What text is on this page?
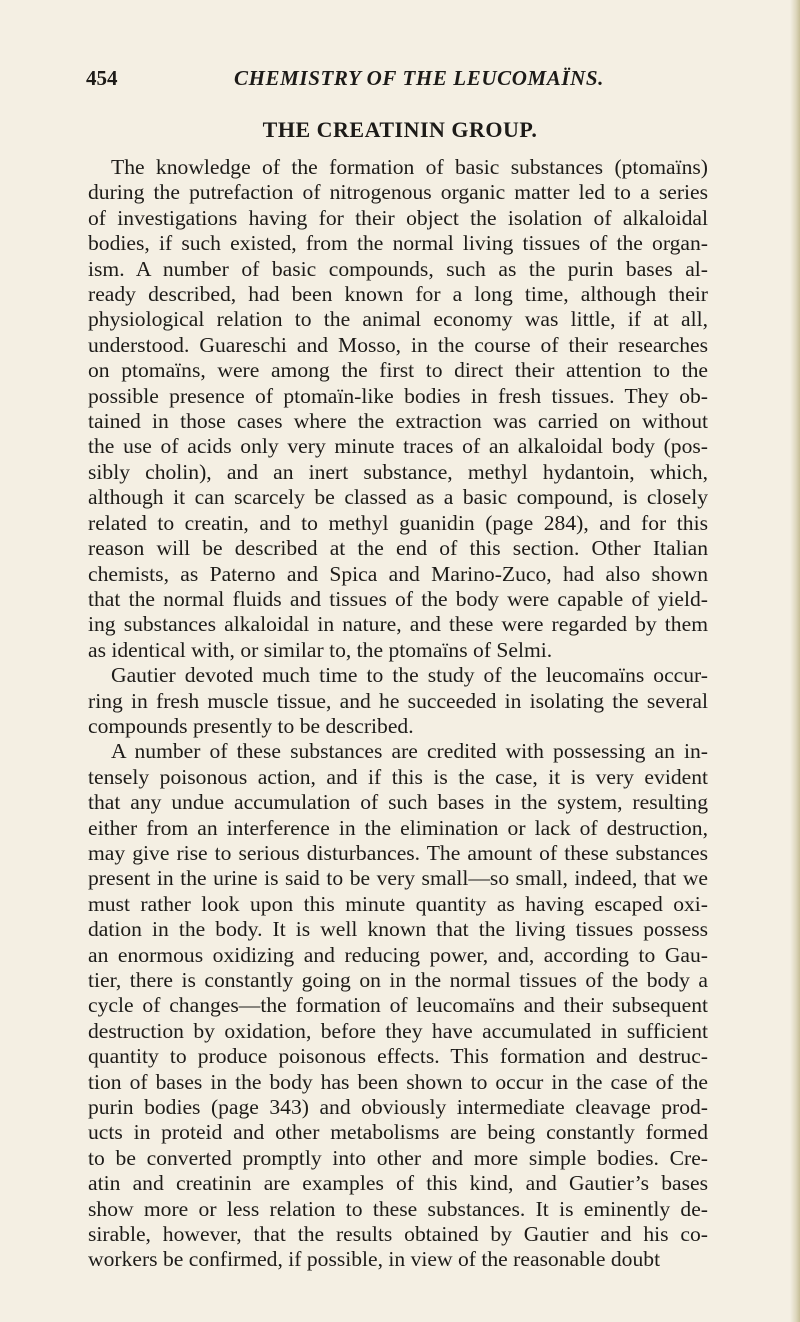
454	CHEMISTRY OF THE LEUCOMAÏNS.
THE CREATININ GROUP.
The knowledge of the formation of basic substances (ptomaïns)
during the putrefaction of nitrogenous organic matter led to a series
of investigations having for their object the isolation of alkaloidal
bodies, if such existed, from the normal living tissues of the organ-
ism. A number of basic compounds, such as the purin bases al-
ready described, had been known for a long time, although their
physiological relation to the animal economy was little, if at all,
understood. Guareschi and Mosso, in the course of their researches
on ptomaïns, were among the first to direct their attention to the
possible presence of ptomaïn-like bodies in fresh tissues. They ob-
tained in those cases where the extraction was carried on without
the use of acids only very minute traces of an alkaloidal body (pos-
sibly cholin), and an inert substance, methyl hydantoin, which,
although it can scarcely be classed as a basic compound, is closely
related to creatin, and to methyl guanidin (page 284), and for this
reason will be described at the end of this section. Other Italian
chemists, as Paterno and Spica and Marino-Zuco, had also shown
that the normal fluids and tissues of the body were capable of yield-
ing substances alkaloidal in nature, and these were regarded by them
as identical with, or similar to, the ptomaïns of Selmi.
Gautier devoted much time to the study of the leucomaïns occur-
ring in fresh muscle tissue, and he succeeded in isolating the several
compounds presently to be described.
A number of these substances are credited with possessing an in-
tensely poisonous action, and if this is the case, it is very evident
that any undue accumulation of such bases in the system, resulting
either from an interference in the elimination or lack of destruction,
may give rise to serious disturbances. The amount of these substances
present in the urine is said to be very small—so small, indeed, that we
must rather look upon this minute quantity as having escaped oxi-
dation in the body. It is well known that the living tissues possess
an enormous oxidizing and reducing power, and, according to Gau-
tier, there is constantly going on in the normal tissues of the body a
cycle of changes—the formation of leucomaïns and their subsequent
destruction by oxidation, before they have accumulated in sufficient
quantity to produce poisonous effects. This formation and destruc-
tion of bases in the body has been shown to occur in the case of the
purin bodies (page 343) and obviously intermediate cleavage prod-
ucts in proteid and other metabolisms are being constantly formed
to be converted promptly into other and more simple bodies. Cre-
atin and creatinin are examples of this kind, and Gautier’s bases
show more or less relation to these substances. It is eminently de-
sirable, however, that the results obtained by Gautier and his co-
workers be confirmed, if possible, in view of the reasonable doubt
